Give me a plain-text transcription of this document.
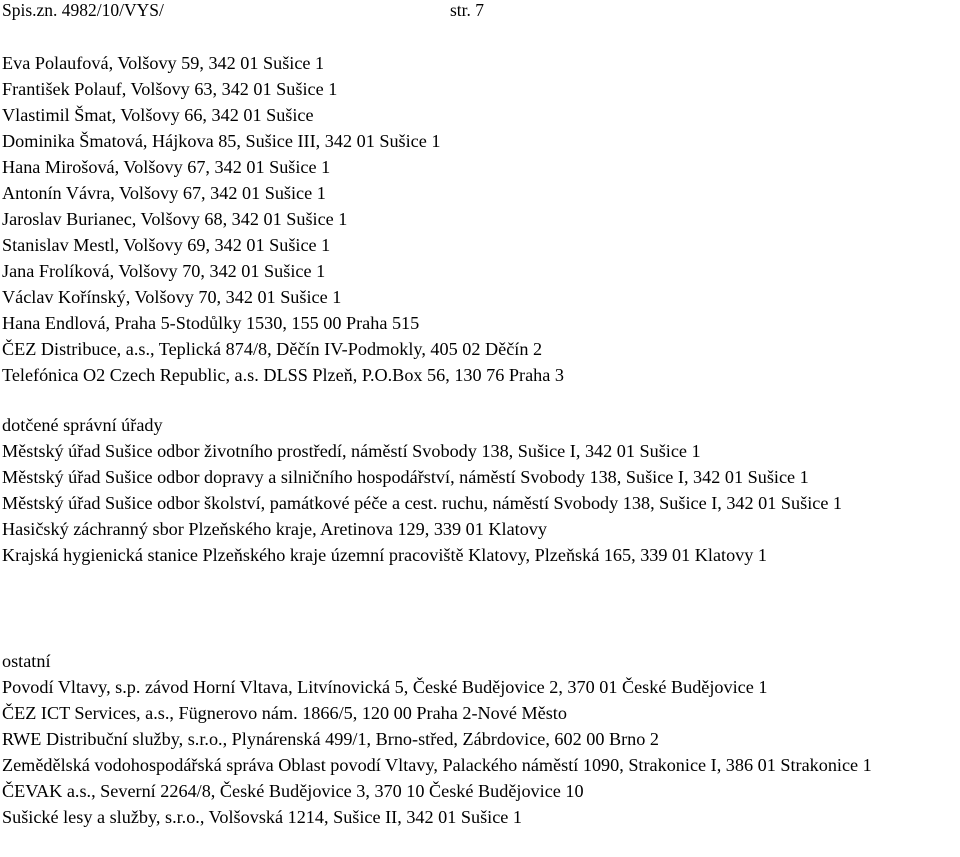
Spis.zn. 4982/10/VYS/	str. 7
Eva Polaufová, Volšovy 59, 342 01 Sušice 1
František Polauf, Volšovy 63, 342 01 Sušice 1
Vlastimil Šmat, Volšovy 66, 342 01 Sušice
Dominika Šmatová, Hájkova 85, Sušice III, 342 01 Sušice 1
Hana Mirošová, Volšovy 67, 342 01 Sušice 1
Antonín Vávra, Volšovy 67, 342 01 Sušice 1
Jaroslav Burianec, Volšovy 68, 342 01 Sušice 1
Stanislav Mestl, Volšovy 69, 342 01 Sušice 1
Jana Frolíková, Volšovy 70, 342 01 Sušice 1
Václav Kořínský, Volšovy 70, 342 01 Sušice 1
Hana Endlová, Praha 5-Stodůlky 1530, 155 00 Praha 515
ČEZ Distribuce, a.s., Teplická 874/8, Děčín IV-Podmokly, 405 02 Děčín 2
Telefónica O2 Czech Republic, a.s. DLSS Plzeň, P.O.Box 56, 130 76 Praha 3
dotčené správní úřady
Městský úřad Sušice odbor životního prostředí, náměstí Svobody 138, Sušice I, 342 01 Sušice 1
Městský úřad Sušice odbor dopravy a silničního hospodářství, náměstí Svobody 138, Sušice I, 342 01 Sušice 1
Městský úřad Sušice odbor školství, památkové péče a cest. ruchu, náměstí Svobody 138, Sušice I, 342 01 Sušice 1
Hasičský záchranný sbor Plzeňského kraje, Aretinova 129, 339 01 Klatovy
Krajská hygienická stanice Plzeňského kraje územní pracoviště Klatovy, Plzeňská 165, 339 01 Klatovy 1
ostatní
Povodí Vltavy, s.p. závod Horní Vltava, Litvínovická 5, České Budějovice 2, 370 01 České Budějovice 1
ČEZ ICT Services, a.s., Fügnerovo nám. 1866/5, 120 00 Praha 2-Nové Město
RWE Distribuční služby, s.r.o., Plynárenská 499/1, Brno-střed, Zábrdovice, 602 00 Brno 2
Zemědělská vodohospodářská správa Oblast povodí Vltavy, Palackého náměstí 1090, Strakonice I, 386 01 Strakonice 1
ČEVAK a.s., Severní 2264/8, České Budějovice 3, 370 10 České Budějovice 10
Sušické lesy a služby, s.r.o., Volšovská 1214, Sušice II, 342 01 Sušice 1
